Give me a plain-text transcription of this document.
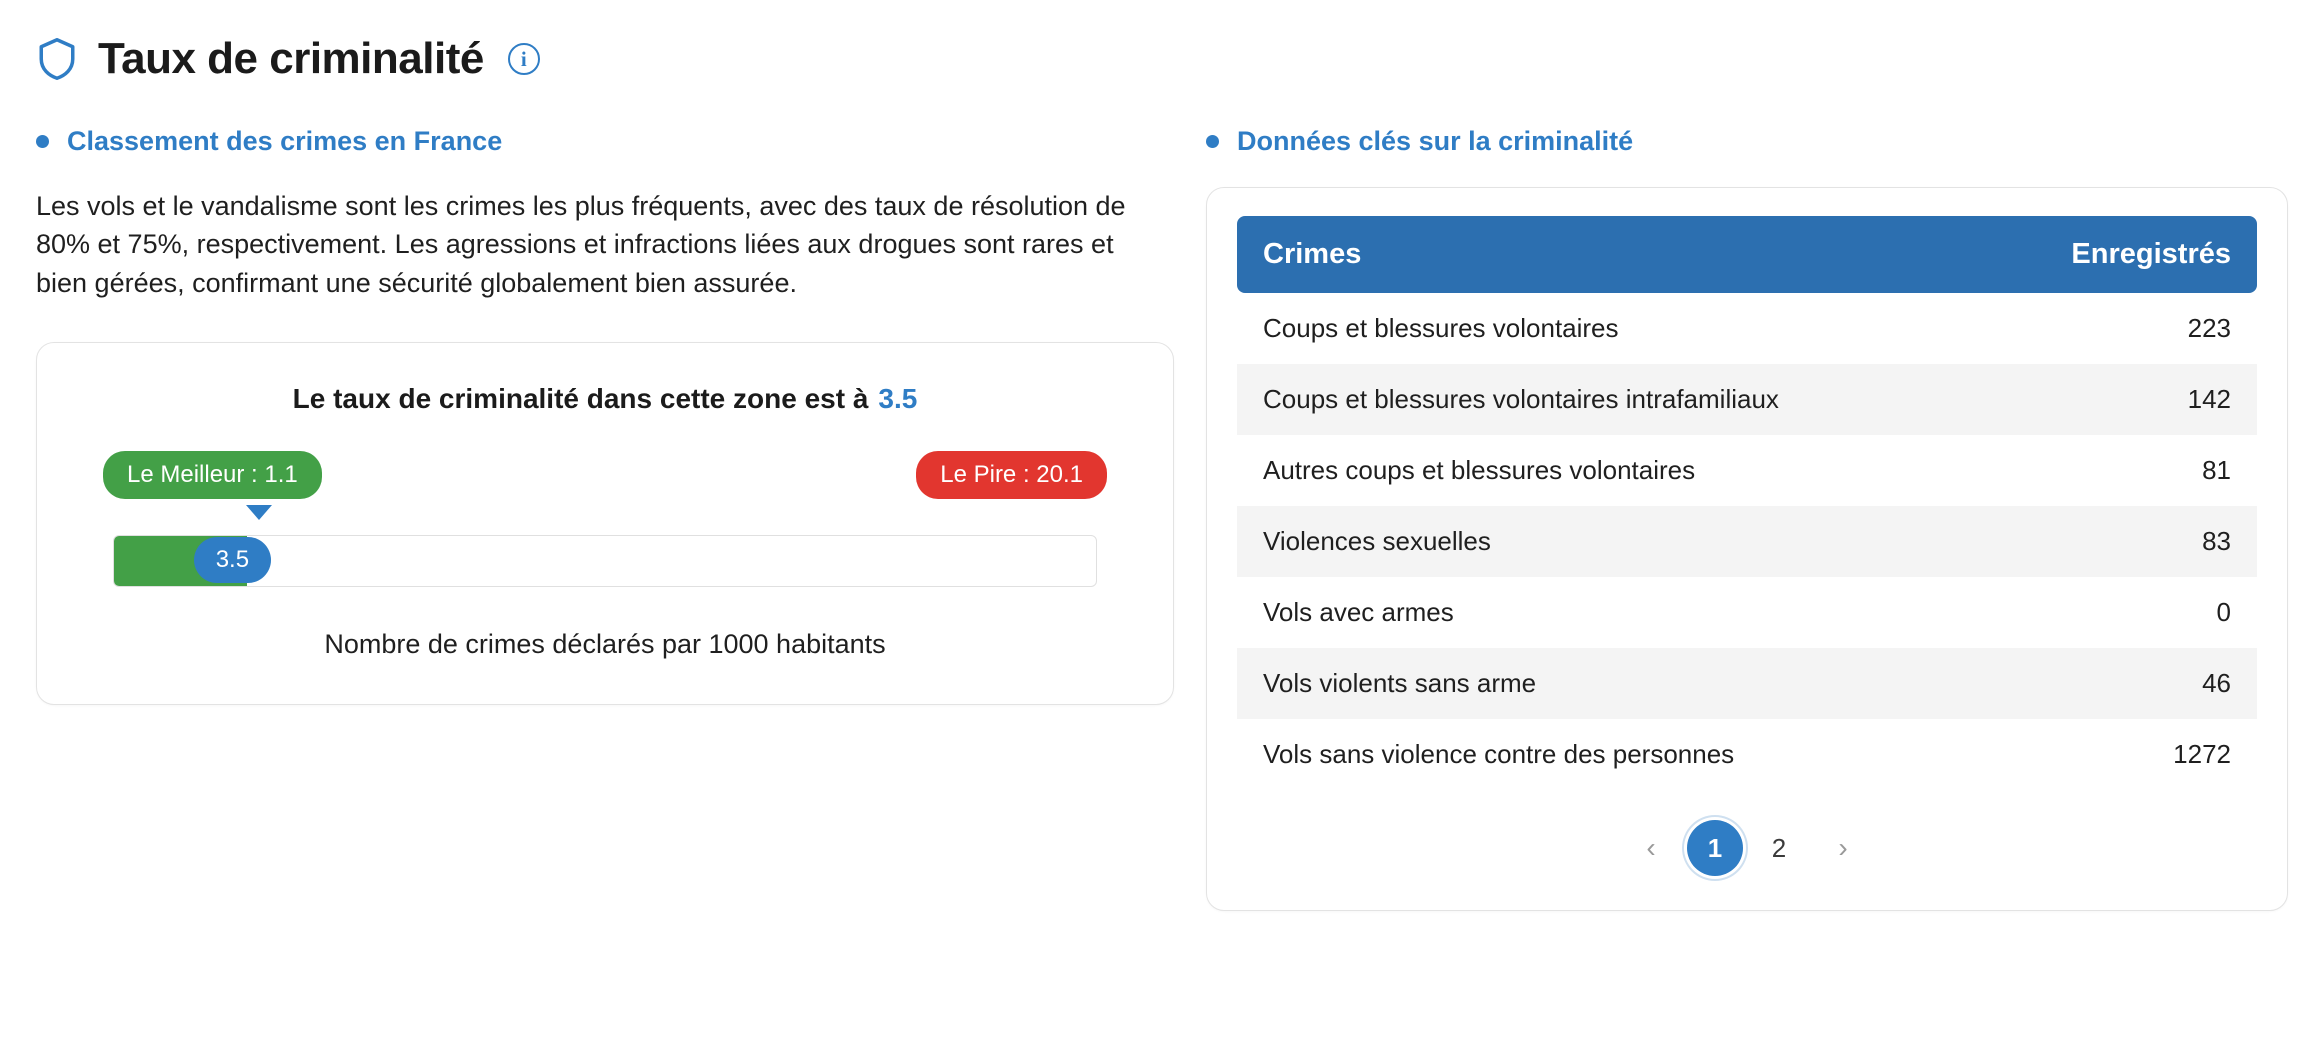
Taux de criminalité	i
Classement des crimes en France

Les vols et le vandalisme sont les crimes les plus fréquents, avec des taux de résolution de 80% et 75%, respectivement. Les agressions et infractions liées aux drogues sont rares et bien gérées, confirmant une sécurité globalement bien assurée.

Le taux de criminalité dans cette zone est à 3.5
Le Meilleur : 1.1	Le Pire : 20.1
3.5
Nombre de crimes déclarés par 1000 habitants
Données clés sur la criminalité
Crimes	Enregistrés
Coups et blessures volontaires	223
Coups et blessures volontaires intrafamiliaux	142
Autres coups et blessures volontaires	81
Violences sexuelles	83
Vols avec armes	0
Vols violents sans arme	46
Vols sans violence contre des personnes	1272
‹	1	2	›
